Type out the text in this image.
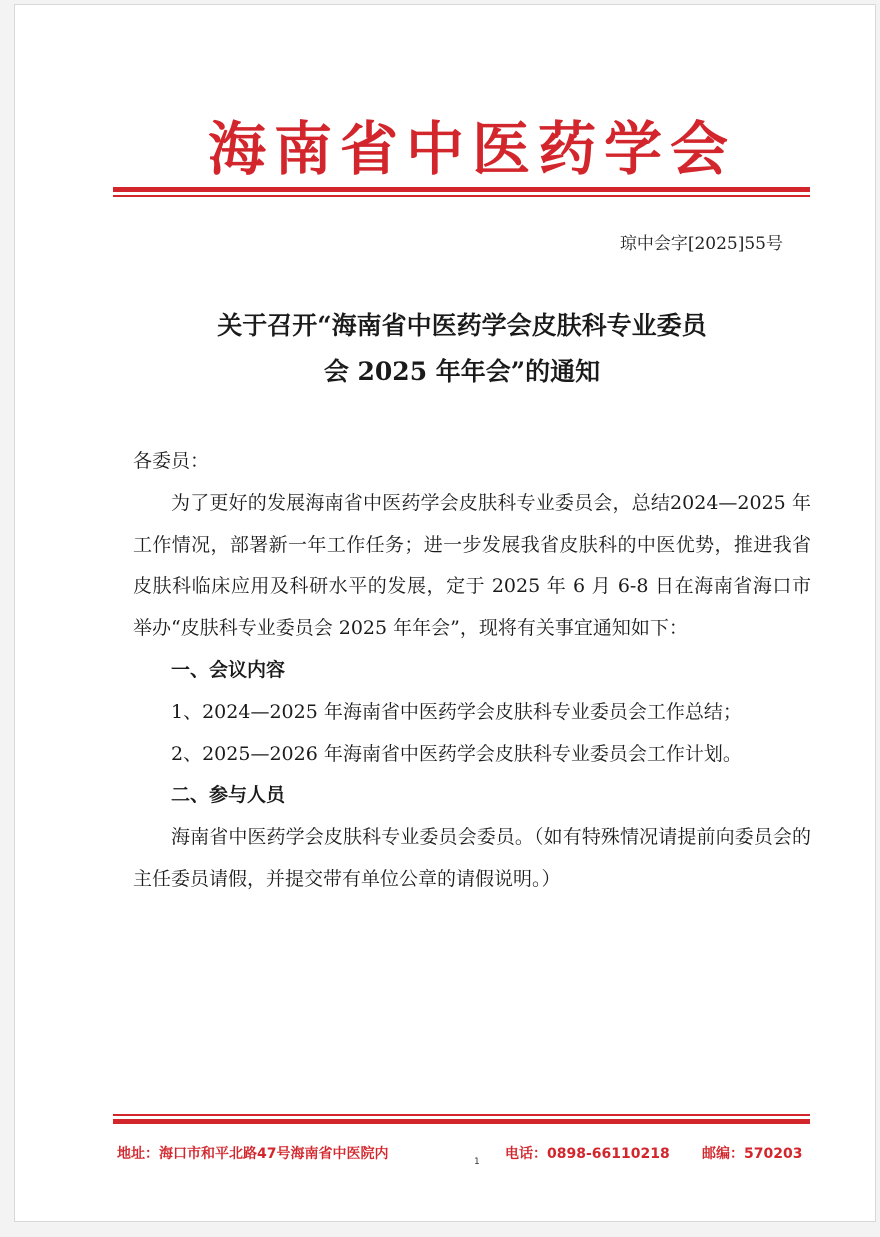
海南省中医药学会
琼中会字[2025]55号
关于召开“海南省中医药学会皮肤科专业委员
会 2025 年年会”的通知

各委员：

为了更好的发展海南省中医药学会皮肤科专业委员会，总结2024—2025 年工作情况，部署新一年工作任务；进一步发展我省皮肤科的中医优势，推进我省皮肤科临床应用及科研水平的发展，定于 2025 年 6 月 6-8 日在海南省海口市举办“皮肤科专业委员会 2025 年年会”，现将有关事宜通知如下：

一、会议内容

1、2024—2025 年海南省中医药学会皮肤科专业委员会工作总结；

2、2025—2026 年海南省中医药学会皮肤科专业委员会工作计划。

二、参与人员

海南省中医药学会皮肤科专业委员会委员。（如有特殊情况请提前向委员会的主任委员请假，并提交带有单位公章的请假说明。）

地址：海口市和平北路47号海南省中医院内	电话：0898-66110218 邮编：570203
1
